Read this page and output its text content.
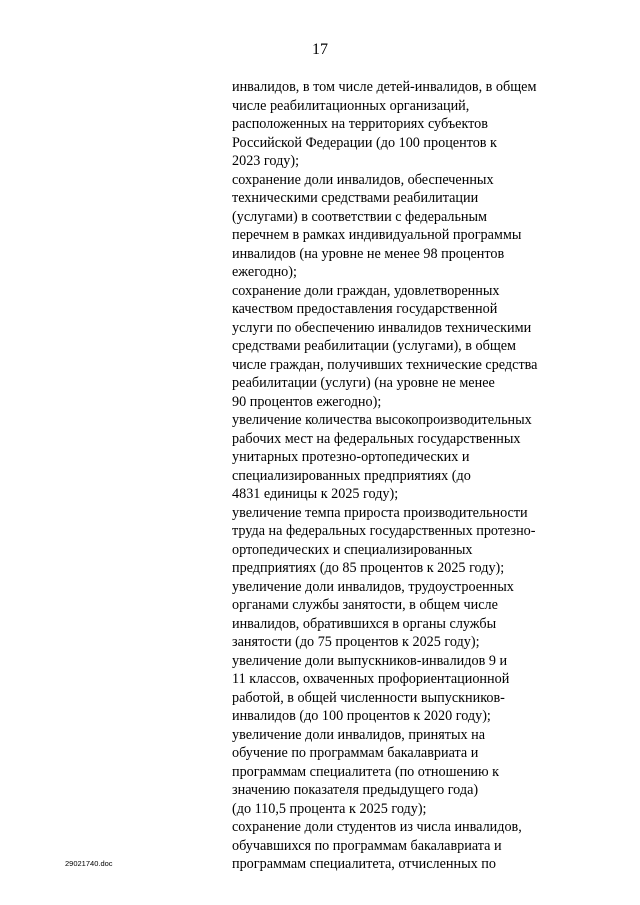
17
инвалидов, в том числе детей-инвалидов, в общем
числе реабилитационных организаций,
расположенных на территориях субъектов
Российской Федерации (до 100 процентов к
2023 году);
сохранение доли инвалидов, обеспеченных
техническими средствами реабилитации
(услугами) в соответствии с федеральным
перечнем в рамках индивидуальной программы
инвалидов (на уровне не менее 98 процентов
ежегодно);
сохранение доли граждан, удовлетворенных
качеством предоставления государственной
услуги по обеспечению инвалидов техническими
средствами реабилитации (услугами), в общем
числе граждан, получивших технические средства
реабилитации (услуги) (на уровне не менее
90 процентов ежегодно);
увеличение количества высокопроизводительных
рабочих мест на федеральных государственных
унитарных протезно-ортопедических и
специализированных предприятиях (до
4831 единицы к 2025 году);
увеличение темпа прироста производительности
труда на федеральных государственных протезно-
ортопедических и специализированных
предприятиях (до 85 процентов к 2025 году);
увеличение доли инвалидов, трудоустроенных
органами службы занятости, в общем числе
инвалидов, обратившихся в органы службы
занятости (до 75 процентов к 2025 году);
увеличение доли выпускников-инвалидов 9 и
11 классов, охваченных профориентационной
работой, в общей численности выпускников-
инвалидов (до 100 процентов к 2020 году);
увеличение доли инвалидов, принятых на
обучение по программам бакалавриата и
программам специалитета (по отношению к
значению показателя предыдущего года)
(до 110,5 процента к 2025 году);
сохранение доли студентов из числа инвалидов,
обучавшихся по программам бакалавриата и
программам специалитета, отчисленных по
29021740.doc
